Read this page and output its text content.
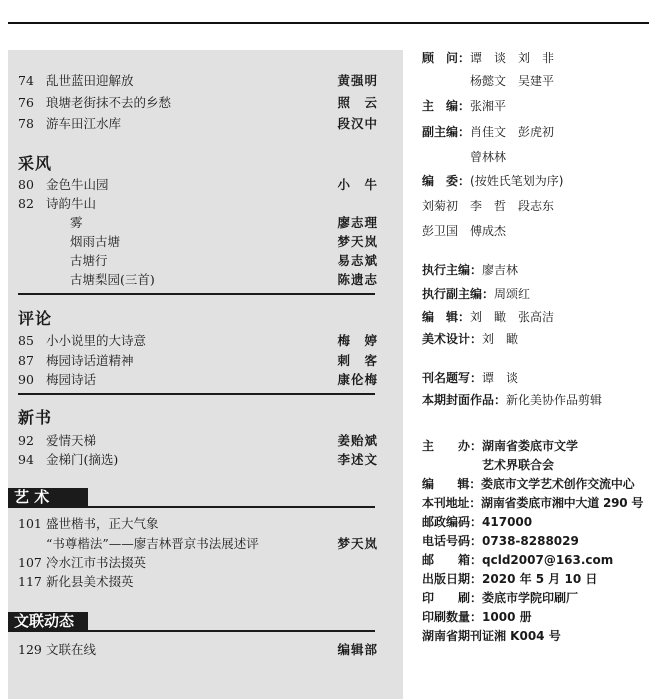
74 乱世蓝田迎解放	黄强明
76 琅塘老街抹不去的乡愁	照　云
78 游车田江水库	段汉中
采风
80 金色牛山园	小　牛
82 诗韵牛山
雾	廖志理
烟雨古塘	梦天岚
古塘行	易志斌
古塘梨园(三首)	陈遗志
评论
85 小小说里的大诗意	梅　婷
87 梅园诗话道精神	刺　客
90 梅园诗话	康伦梅
新书
92 爱情天梯	姜贻斌
94 金梯门(摘选)	李述文
艺 术
101 盛世楷书，正大气象
“书尊楷法”——廖吉林晋京书法展述评	梦天岚
107 冷水江市书法掇英
117 新化县美术掇英
文联动态
129 文联在线	编辑部
顾　问：谭　谈　刘　非
　　　　杨懿文　吴建平
主　编：张湘平
副主编：肖佳文　彭虎初
　　　　曾林林
编　委：(按姓氏笔划为序)
刘菊初　李　哲　段志东
彭卫国　傅成杰
执行主编：廖吉林
执行副主编：周颂红
编　辑：刘　瞰　张高洁
美术设计：刘　瞰
刊名题写：谭　谈
本期封面作品：新化美协作品剪辑
主　　办：湖南省娄底市文学
　　　　　艺术界联合会
编　　辑：娄底市文学艺术创作交流中心
本刊地址：湖南省娄底市湘中大道 290 号
邮政编码：417000
电话号码：0738-8288029
邮　　箱：qcld2007@163.com
出版日期：2020 年 5 月 10 日
印　　刷：娄底市学院印刷厂
印刷数量：1000 册
湖南省期刊证湘 K004 号
